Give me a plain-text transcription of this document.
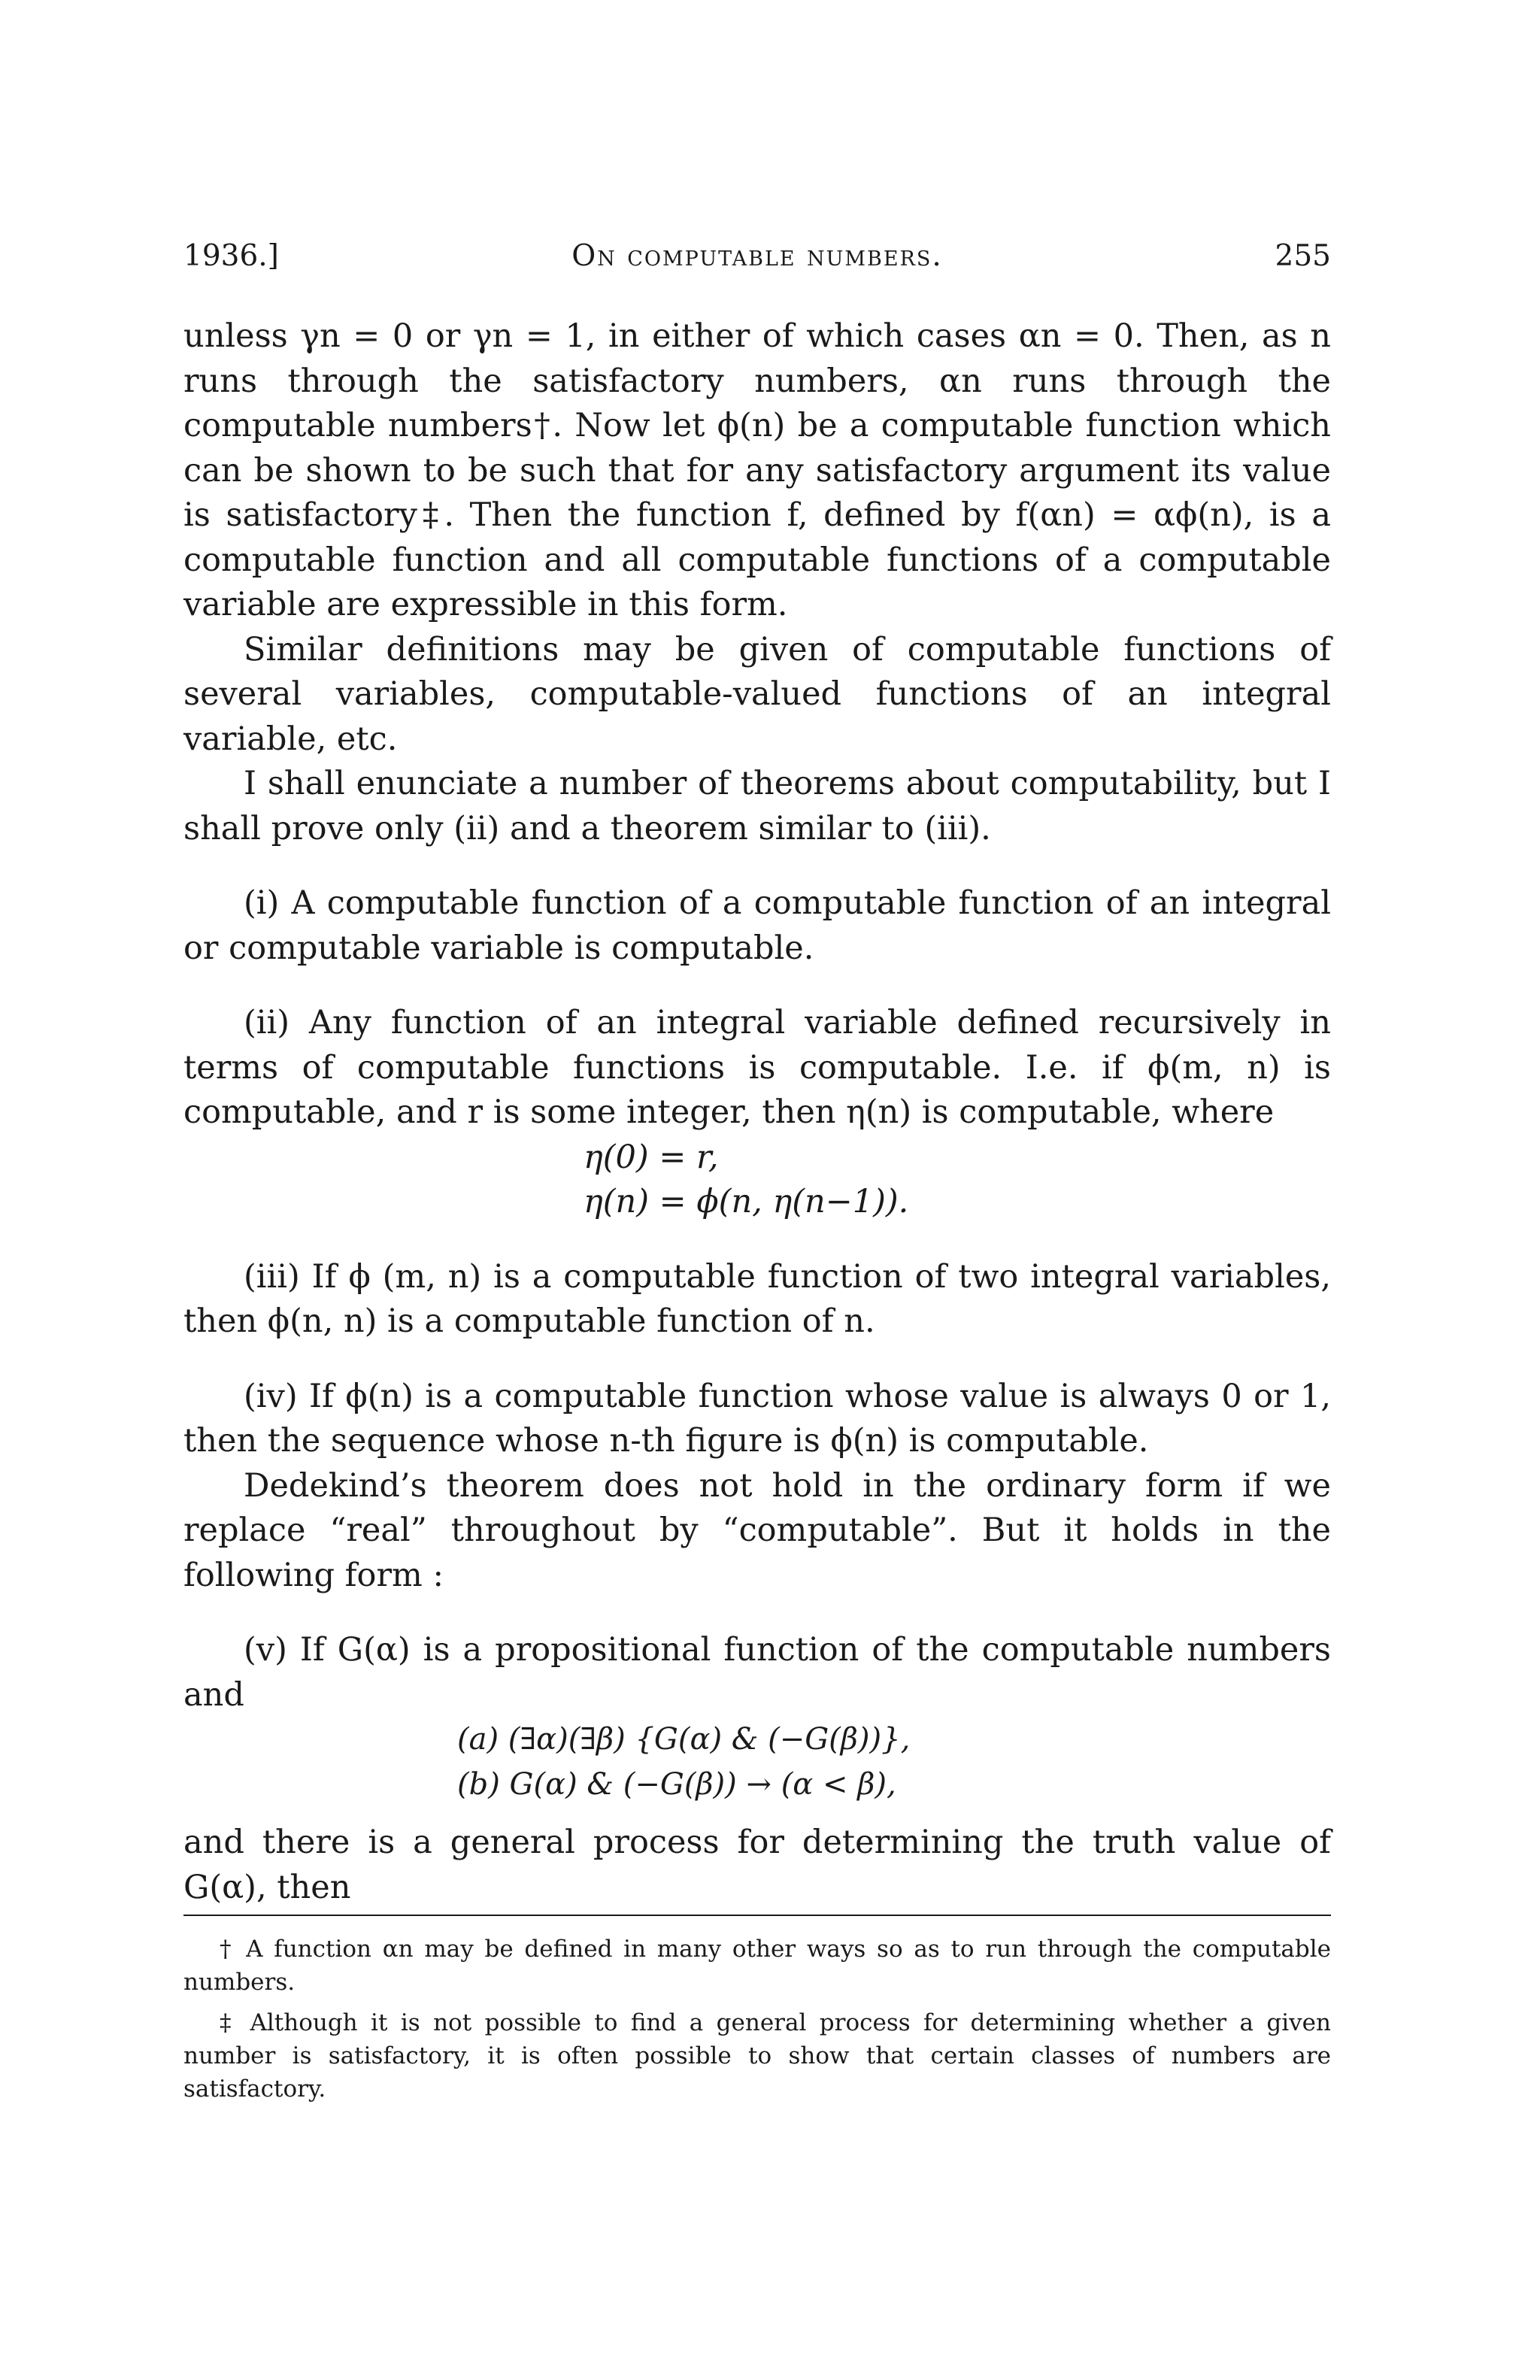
1936.]	On computable numbers.	255

unless γn = 0 or γn = 1, in either of which cases αn = 0. Then, as n runs through the satisfactory numbers, αn runs through the computable numbers†. Now let ϕ(n) be a computable function which can be shown to be such that for any satisfactory argument its value is satisfactory‡. Then the function f, defined by f(αn) = αϕ(n), is a computable function and all computable functions of a computable variable are expressible in this form.

Similar definitions may be given of computable functions of several variables, computable-valued functions of an integral variable, etc.

I shall enunciate a number of theorems about computability, but I shall prove only (ii) and a theorem similar to (iii).

(i) A computable function of a computable function of an integral or computable variable is computable.

(ii) Any function of an integral variable defined recursively in terms of computable functions is computable. I.e. if ϕ(m, n) is computable, and r is some integer, then η(n) is computable, where

η(0) = r,

η(n) = ϕ(n, η(n−1)).

(iii) If ϕ (m, n) is a computable function of two integral variables, then ϕ(n, n) is a computable function of n.

(iv) If ϕ(n) is a computable function whose value is always 0 or 1, then the sequence whose n-th figure is ϕ(n) is computable.

Dedekind’s theorem does not hold in the ordinary form if we replace “real” throughout by “computable”. But it holds in the following form :

(v) If G(α) is a propositional function of the computable numbers and

(a) (∃α)(∃β) {G(α) & (−G(β))},

(b) G(α) & (−G(β)) → (α < β),

and there is a general process for determining the truth value of G(α), then

† A function αn may be defined in many other ways so as to run through the computable numbers.

‡ Although it is not possible to find a general process for determining whether a given number is satisfactory, it is often possible to show that certain classes of numbers are satisfactory.
